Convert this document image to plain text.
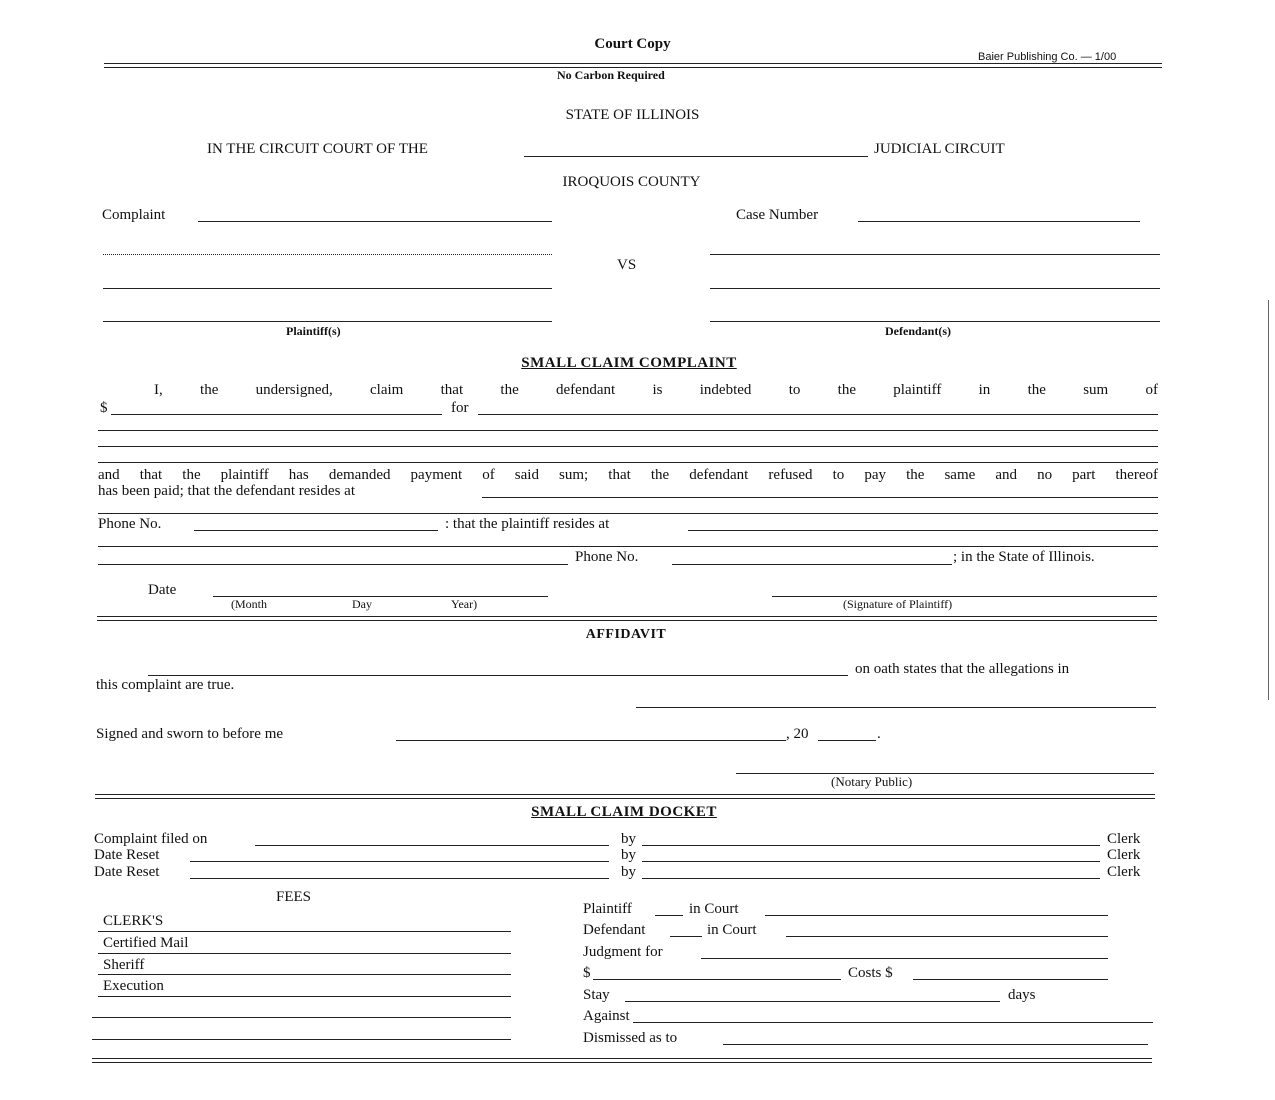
Court Copy
Baier Publishing Co. — 1/00
No Carbon Required
STATE OF ILLINOIS
IN THE CIRCUIT COURT OF THE	JUDICIAL CIRCUIT
IROQUOIS COUNTY
Complaint	Case Number
Plaintiff(s)
VS
Defendant(s)
SMALL CLAIM COMPLAINT
I, the undersigned, claim that the defendant is indebted to the plaintiff in the sum of
$	for
and that the plaintiff has demanded payment of said sum; that the defendant refused to pay the same and no part thereof
has been paid; that the defendant resides at
Phone No.	: that the plaintiff resides at
Phone No.	; in the State of Illinois.
Date
(Month	Day	Year)	(Signature of Plaintiff)
AFFIDAVIT
on oath states that the allegations in
this complaint are true.
Signed and sworn to before me	, 20	.
(Notary Public)
SMALL CLAIM DOCKET
Complaint filed on	by	Clerk
Date Reset	by	Clerk
Date Reset	by	Clerk
FEES
CLERK'S
Certified Mail
Sheriff
Execution
Plaintiff	in Court
Defendant	in Court
Judgment for
$	Costs $
Stay	days
Against
Dismissed as to
